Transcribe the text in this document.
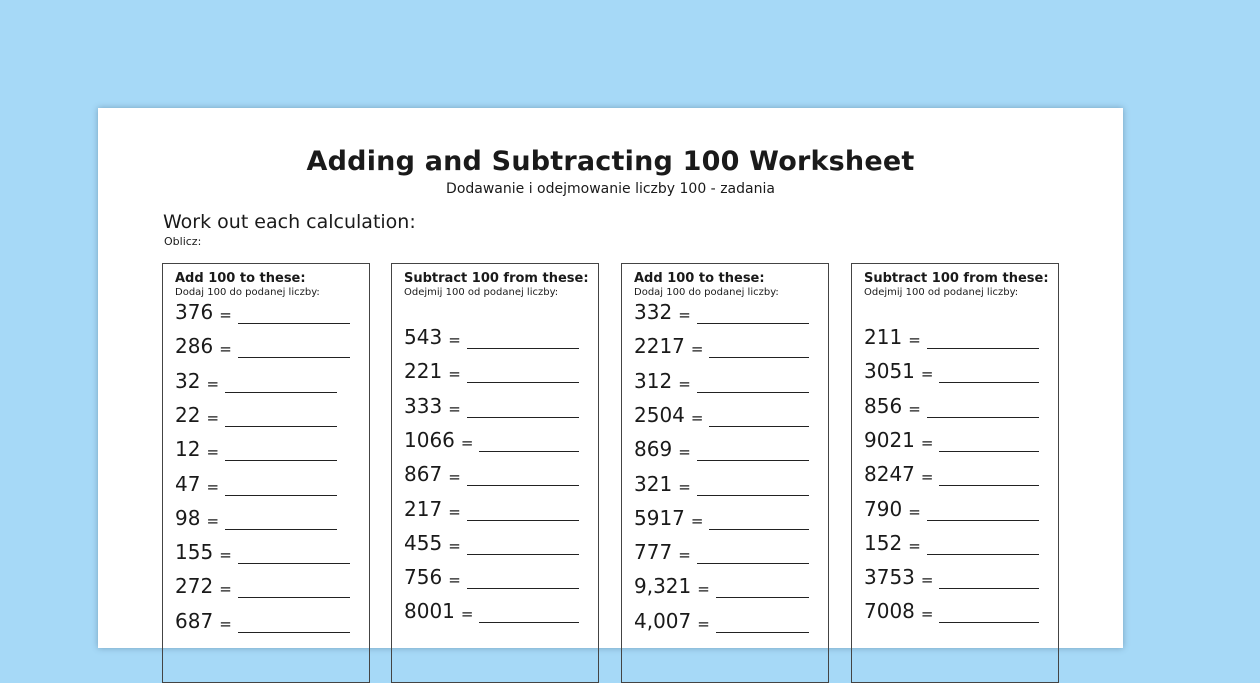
Adding and Subtracting 100 Worksheet
Dodawanie i odejmowanie liczby 100 - zadania
Work out each calculation:
Oblicz:
Add 100 to these:
Dodaj 100 do podanej liczby:
376 =
286 =
32 =
22 =
12 =
47 =
98 =
155 =
272 =
687 =
Subtract 100 from these:
Odejmij 100 od podanej liczby:
543 =
221 =
333 =
1066 =
867 =
217 =
455 =
756 =
8001 =
Add 100 to these:
Dodaj 100 do podanej liczby:
332 =
2217 =
312 =
2504 =
869 =
321 =
5917 =
777 =
9,321 =
4,007 =
Subtract 100 from these:
Odejmij 100 od podanej liczby:
211 =
3051 =
856 =
9021 =
8247 =
790 =
152 =
3753 =
7008 =
